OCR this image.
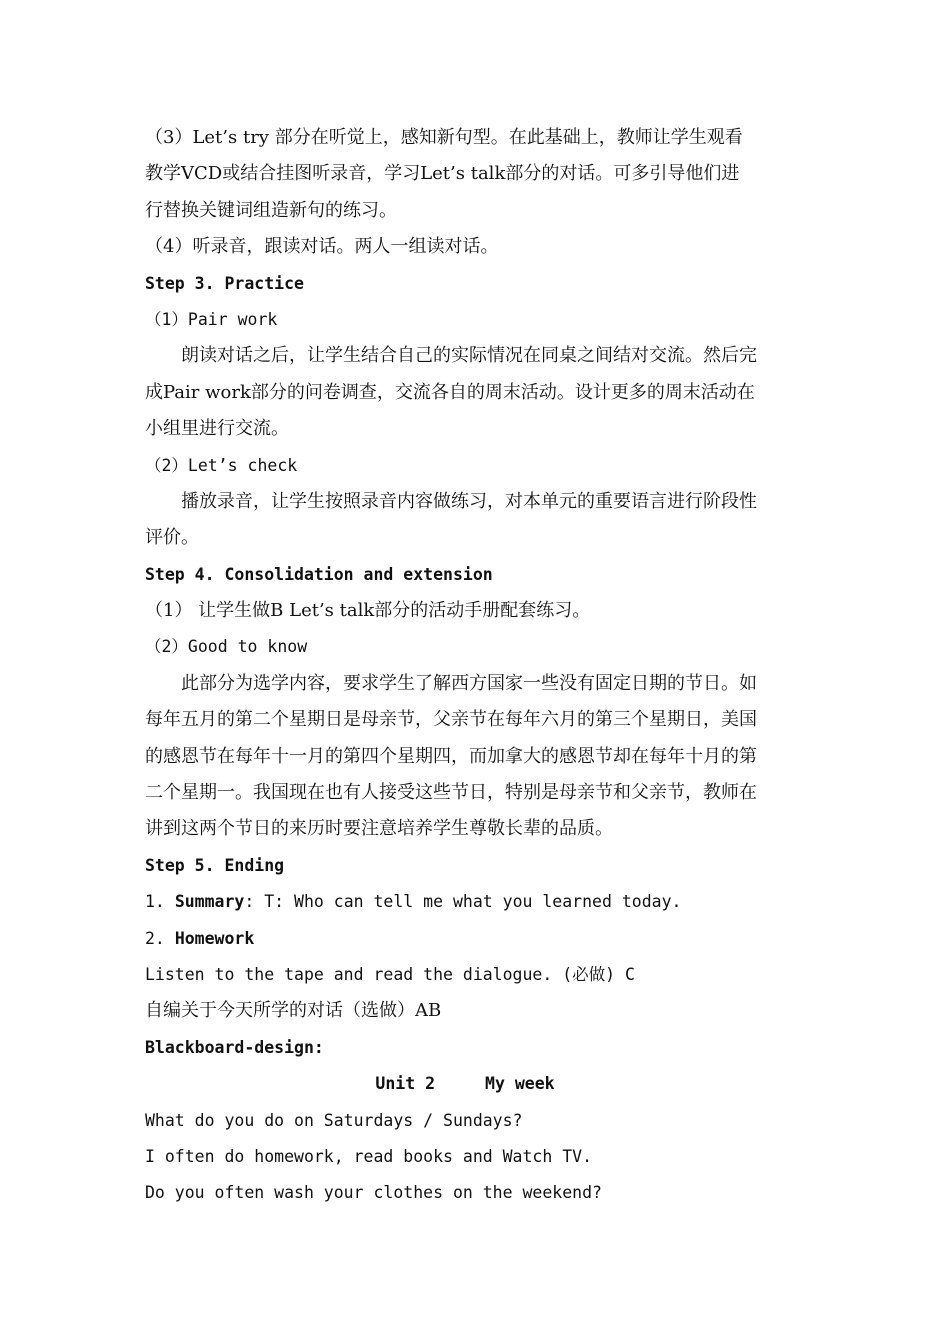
（3）Let’s try 部分在听觉上，感知新句型。在此基础上，教师让学生观看
教学VCD或结合挂图听录音，学习Let’s talk部分的对话。可多引导他们进
行替换关键词组造新句的练习。
（4）听录音，跟读对话。两人一组读对话。
Step 3. Practice
（1）Pair work
朗读对话之后，让学生结合自己的实际情况在同桌之间结对交流。然后完
成Pair work部分的问卷调查，交流各自的周末活动。设计更多的周末活动在
小组里进行交流。
（2）Let’s check
播放录音，让学生按照录音内容做练习，对本单元的重要语言进行阶段性
评价。
Step 4. Consolidation and extension
（1） 让学生做B Let’s talk部分的活动手册配套练习。
（2）Good to know
此部分为选学内容，要求学生了解西方国家一些没有固定日期的节日。如
每年五月的第二个星期日是母亲节，父亲节在每年六月的第三个星期日，美国
的感恩节在每年十一月的第四个星期四，而加拿大的感恩节却在每年十月的第
二个星期一。我国现在也有人接受这些节日，特别是母亲节和父亲节，教师在
讲到这两个节日的来历时要注意培养学生尊敬长辈的品质。
Step 5. Ending
1. Summary: T: Who can tell me what you learned today.
2. Homework
Listen to the tape and read the dialogue. (必做) C
自编关于今天所学的对话（选做）AB
Blackboard-design:
Unit 2	My week
What do you do on Saturdays / Sundays?
I often do homework, read books and Watch TV.
Do you often wash your clothes on the weekend?
